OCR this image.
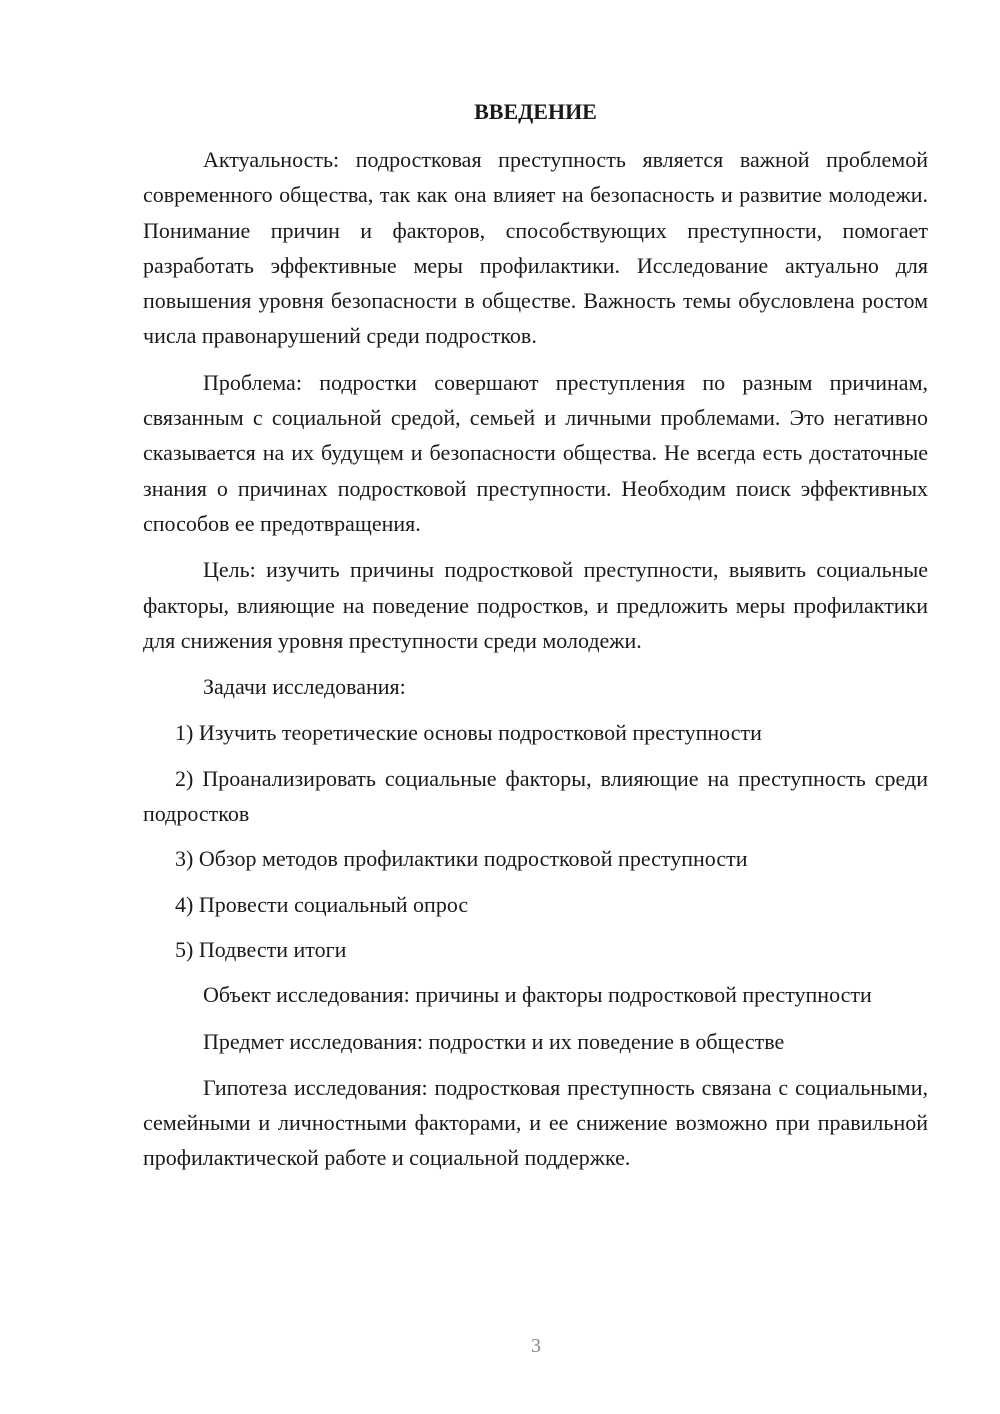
ВВЕДЕНИЕ

Актуальность: подростковая преступность является важной проблемой современного общества, так как она влияет на безопасность и развитие молодежи. Понимание причин и факторов, способствующих преступности, помогает разработать эффективные меры профилактики. Исследование актуально для повышения уровня безопасности в обществе. Важность темы обусловлена ростом числа правонарушений среди подростков.

Проблема: подростки совершают преступления по разным причинам, связанным с социальной средой, семьей и личными проблемами. Это негативно сказывается на их будущем и безопасности общества. Не всегда есть достаточные знания о причинах подростковой преступности. Необходим поиск эффективных способов ее предотвращения.

Цель: изучить причины подростковой преступности, выявить социальные факторы, влияющие на поведение подростков, и предложить меры профилактики для снижения уровня преступности среди молодежи.

Задачи исследования:

1) Изучить теоретические основы подростковой преступности

2) Проанализировать социальные факторы, влияющие на преступность среди подростков

3) Обзор методов профилактики подростковой преступности

4) Провести социальный опрос

5) Подвести итоги

Объект исследования: причины и факторы подростковой преступности

Предмет исследования: подростки и их поведение в обществе

Гипотеза исследования: подростковая преступность связана с социальными, семейными и личностными факторами, и ее снижение возможно при правильной профилактической работе и социальной поддержке.

3
